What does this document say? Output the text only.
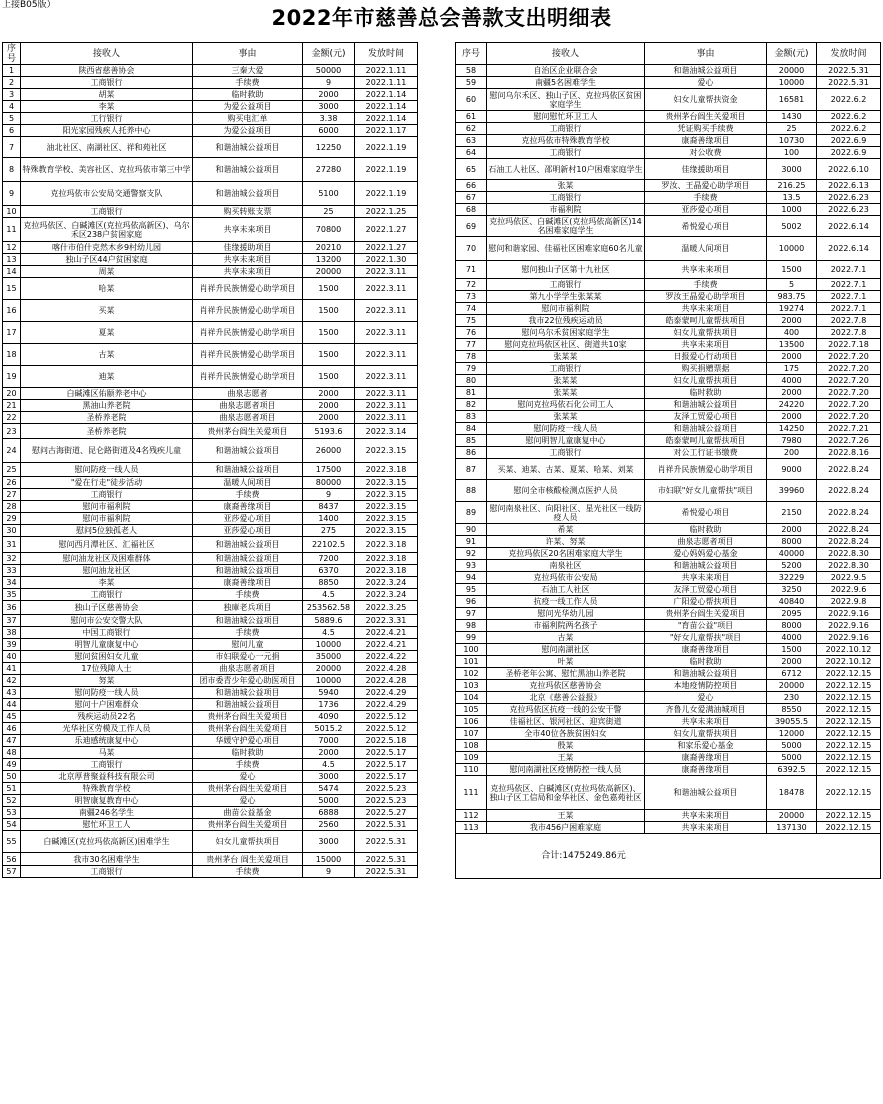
上接B05版）
2022年市慈善总会善款支出明细表
序号	接收人	事由	金额(元)	发放时间
1	陕西省慈善协会	三秦大爱	50000	2022.1.11
2	工商银行	手续费	9	2022.1.11
3	胡某	临时救助	2000	2022.1.14
4	李某	为爱公益项目	3000	2022.1.14
5	工行银行	购买电汇单	3.38	2022.1.14
6	阳光家园残疾人托养中心	为爱公益项目	6000	2022.1.17
7	油北社区、南湖社区、祥和苑社区	和谐油城公益项目	12250	2022.1.19
8	特殊教育学校、美容社区、克拉玛依市第三中学	和谐油城公益项目	27280	2022.1.19
9	克拉玛依市公安局交通警察支队	和谐油城公益项目	5100	2022.1.19
10	工商银行	购买转账支票	25	2022.1.25
11	克拉玛依区、白碱滩区(克拉玛依高新区)、乌尔禾区238户贫困家庭	共享未来项目	70800	2022.1.27
12	喀什市伯什克然木乡9村幼儿园	佳缘援助项目	20210	2022.1.27
13	独山子区44户贫困家庭	共享未来项目	13200	2022.1.30
14	周某	共享未来项目	20000	2022.3.11
15	哈某	肖祥升民族情爱心助学项目	1500	2022.3.11
16	买某	肖祥升民族情爱心助学项目	1500	2022.3.11
17	夏某	肖祥升民族情爱心助学项目	1500	2022.3.11
18	古某	肖祥升民族情爱心助学项目	1500	2022.3.11
19	迪某	肖祥升民族情爱心助学项目	1500	2022.3.11
20	白碱滩区佑颐养老中心	曲泉志愿者	2000	2022.3.11
21	黑油山养老院	曲泉志愿者项目	2000	2022.3.11
22	圣桥养老院	曲泉志愿者项目	2000	2022.3.11
23	圣桥养老院	贵州茅台阎生关爱项目	5193.6	2022.3.14
24	慰问古海街道、昆仑路街道及4名残疾儿童	和谐油城公益项目	26000	2022.3.15
25	慰问防疫一线人员	和谐油城公益项目	17500	2022.3.18
26	"爱在行走"徒步活动	温暖人间项目	80000	2022.3.15
27	工商银行	手续费	9	2022.3.15
28	慰问市福利院	康裔善缘项目	8437	2022.3.15
29	慰问市福利院	亚莎爱心项目	1400	2022.3.15
30	慰问5位独孤老人	亚莎爱心项目	275	2022.3.15
31	慰问西月潭社区、汇福社区	和谐油城公益项目	22102.5	2022.3.18
32	慰问油龙社区及困难群体	和谐油城公益项目	7200	2022.3.18
33	慰问油龙社区	和谐油城公益项目	6370	2022.3.18
34	李某	康裔善缘项目	8850	2022.3.24
35	工商银行	手续费	4.5	2022.3.24
36	独山子区慈善协会	独庫老兵项目	253562.58	2022.3.25
37	慰问市公安交警大队	和谐油城公益项目	5889.6	2022.3.31
38	中国工商银行	手续费	4.5	2022.4.21
39	明智儿童康复中心	慰问儿童	10000	2022.4.21
40	慰问贫困妇女儿童	市妇联爱心一元捐	35000	2022.4.22
41	17位残障人士	曲泉志愿者项目	20000	2022.4.28
42	努某	团市委青少年爱心助医项目	10000	2022.4.28
43	慰问防疫一线人员	和谐油城公益项目	5940	2022.4.29
44	慰问十户困难群众	和谐油城公益项目	1736	2022.4.29
45	残疾运动员22名	贵州茅台阎生关爱项目	4090	2022.5.12
46	光华社区劳模及工作人员	贵州茅台阎生关爱项目	5015.2	2022.5.12
47	乐迪感统康复中心	华媛守护爱心项目	7000	2022.5.18
48	马某	临时救助	2000	2022.5.17
49	工商银行	手续费	4.5	2022.5.17
50	北京厚普聚益科技有限公司	爱心	3000	2022.5.17
51	特殊教育学校	贵州茅台阎生关爱项目	5474	2022.5.23
52	明智康复教育中心	爱心	5000	2022.5.23
53	南疆246名学生	曲苗公益基金	6888	2022.5.27
54	慰忙环卫工人	贵州茅台阎生关爱项目	2560	2022.5.31
55	白碱滩区(克拉玛依高新区)困难学生	妇女儿童帮扶项目	3000	2022.5.31
56	我市30名困难学生	贵州茅台 阎生关爱项目	15000	2022.5.31
57	工商银行	手续费	9	2022.5.31
序号	接收人	事由	金额(元)	发放时间
58	自治区企业联合会	和谐油城公益项目	20000	2022.5.31
59	南疆5名困难学生	爱心	10000	2022.5.31
60	慰问乌尔禾区、独山子区、克拉玛依区贫困家庭学生	妇女儿童帮扶资金	16581	2022.6.2
61	慰问慰忙环卫工人	贵州茅台阎生关爱项目	1430	2022.6.2
62	工商银行	凭证购买手续费	25	2022.6.2
63	克拉玛依市特殊教育学校	康裔善缘项目	10730	2022.6.9
64	工商银行	对公收费	100	2022.6.9
65	石油工人社区、邵明新村10户困难家庭学生	佳缘援助项目	3000	2022.6.10
66	张某	罗汝、王晶爱心助学项目	216.25	2022.6.13
67	工商银行	手续费	13.5	2022.6.23
68	市福利院	亚莎爱心项目	1000	2022.6.23
69	克拉玛依区、白碱滩区(克拉玛依高新区)14名困难家庭学生	希悦爱心项目	5002	2022.6.14
70	慰问和谐家园、佳福社区困难家庭60名儿童	温暖人间项目	10000	2022.6.14
71	慰问独山子区第十九社区	共享未来项目	1500	2022.7.1
72	工商银行	手续费	5	2022.7.1
73	第九小学学生张某某	罗汝王晶爱心助学项目	983.75	2022.7.1
74	慰问市福利院	共享未来项目	19274	2022.7.1
75	我市22位残疾运动员	皓泰蒙呵儿童帮扶项目	2000	2022.7.8
76	慰问乌尔禾贫困家庭学生	妇女儿童帮扶项目	400	2022.7.8
77	慰问克拉玛依区社区、街道共10家	共享未来项目	13500	2022.7.18
78	张某某	日报爱心行动项目	2000	2022.7.20
79	工商银行	购买捐赠票据	175	2022.7.20
80	张某某	妇女儿童帮扶项目	4000	2022.7.20
81	张某某	临时救助	2000	2022.7.20
82	慰问克拉玛依石化公司工人	和谐油城公益项目	24220	2022.7.20
83	张某某	友泽工贸爱心项目	2000	2022.7.20
84	慰问防疫一线人员	和谐油城公益项目	14250	2022.7.21
85	慰问明智儿童康复中心	皓泰蒙呵儿童帮扶项目	7980	2022.7.26
86	工商银行	对公工行证书缴费	200	2022.8.16
87	买某、迪某、古某、夏某、哈某、刘某	肖祥升民族情爱心助学项目	9000	2022.8.24
88	慰问全市核酸检测点医护人员	市妇联"好女儿童帮扶"项目	39960	2022.8.24
89	慰问南泉社区、向阳社区、星光社区一线防疫人员	希悦爱心项目	2150	2022.8.24
90	希某	临时救助	2000	2022.8.24
91	许某、努某	曲泉志愿者项目	8000	2022.8.24
92	克拉玛依区20名困难家庭大学生	爱心妈妈爱心基金	40000	2022.8.30
93	南泉社区	和谐油城公益项目	5200	2022.8.30
94	克拉玛依市公安局	共享未来项目	32229	2022.9.5
95	石油工人社区	友泽工贸爱心项目	3250	2022.9.6
96	抗疫一线工作人员	广阳爱心帮扶项目	40840	2022.9.8
97	慰问光华幼儿园	贵州茅台阎生关爱项目	2095	2022.9.16
98	市福利院两名孩子	"育苗公益"项目	8000	2022.9.16
99	古某	"好女儿童帮扶"项目	4000	2022.9.16
100	慰问南湖社区	康裔善缘项目	1500	2022.10.12
101	叶某	临时救助	2000	2022.10.12
102	圣桥老年公寓、慰忙黑油山养老院	和谐油城公益项目	6712	2022.12.15
103	克拉玛依区慈善协会	本地疫情防控项目	20000	2022.12.15
104	北京《慈善公益报》	爱心	230	2022.12.15
105	克拉玛依区抗疫一线的公安干警	齐鲁儿女爱满油城项目	8550	2022.12.15
106	佳福社区、银河社区、迎宾街道	共享未来项目	39055.5	2022.12.15
107	全市40位各族贫困妇女	妇女儿童帮扶项目	12000	2022.12.15
108	殷某	和家乐爱心基金	5000	2022.12.15
109	王某	康裔善缘项目	5000	2022.12.15
110	慰问南湖社区疫情防控一线人员	康裔善缘项目	6392.5	2022.12.15
111	克拉玛依区、白碱滩区(克拉玛依高新区)、独山子区工信局和金华社区、金色嘉苑社区	和谐油城公益项目	18478	2022.12.15
112	王某	共享未来项目	20000	2022.12.15
113	我市456户困难家庭	共享未来项目	137130	2022.12.15
合计:1475249.86元				
